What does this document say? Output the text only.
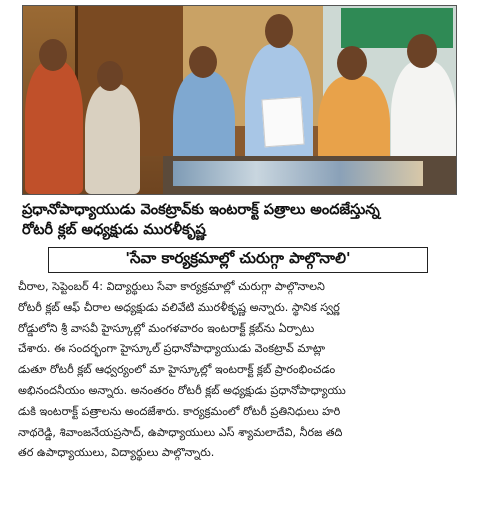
ప్రధానోపాధ్యాయుడు వెంకట్రావ్‌కు ఇంటరాక్ట్ పత్రాలు అందజేస్తున్న
రోటరీ క్లబ్ అధ్యక్షుడు మురళీకృష్ణ
'సేవా కార్యక్రమాల్లో చురుగ్గా పాల్గొనాలి'
చీరాల, సెప్టెంబర్ 4: విద్యార్థులు సేవా కార్యక్రమాల్లో చురుగ్గా పాల్గొనాలని
రోటరీ క్లబ్ ఆఫ్ చీరాల అధ్యక్షుడు వలివేటి మురళీకృష్ణ అన్నారు. స్థానిక స్వర్ణ
రోడ్డులోని శ్రీ వాసవీ హైస్కూల్లో మంగళవారం ఇంటరాక్ట్ క్లబ్‌ను ఏర్పాటు
చేశారు. ఈ సందర్భంగా హైస్కూల్ ప్రధానోపాధ్యాయుడు వెంకట్రావ్ మాట్లా
డుతూ రోటరీ క్లబ్ ఆధ్వర్యంలో మా హైస్కూల్లో ఇంటరాక్ట్ క్లబ్ ప్రారంభించడం
అభినందనీయం అన్నారు. అనంతరం రోటరీ క్లబ్ అధ్యక్షుడు ప్రధానోపాధ్యాయు
డుకి ఇంటరాక్ట్ పత్రాలను అందజేశారు. కార్యక్రమంలో రోటరీ ప్రతినిధులు హరి
నాథరెడ్డి, శివాంజనేయప్రసాద్, ఉపాధ్యాయులు ఎస్ శ్యామలాదేవి, నీరజ తది
తర ఉపాధ్యాయులు, విద్యార్థులు పాల్గొన్నారు.
